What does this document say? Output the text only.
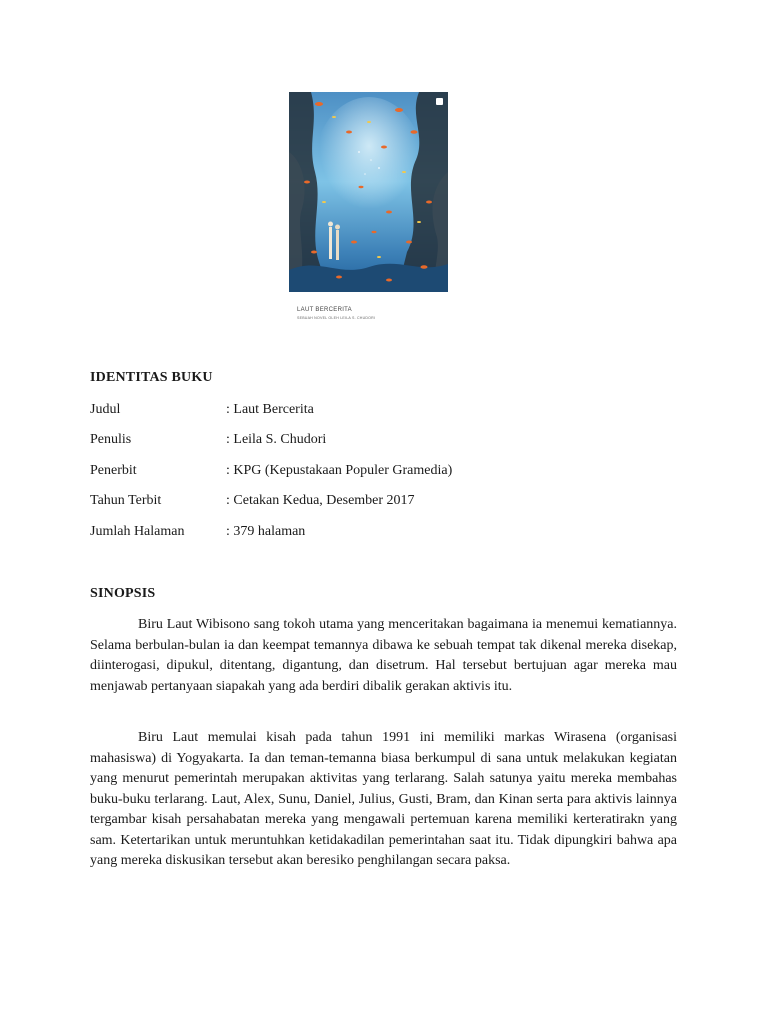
LAUT BERCERITA
SEBUAH NOVEL OLEH LEILA S. CHUDORI
IDENTITAS BUKU
Judul	: Laut Bercerita
Penulis	: Leila S. Chudori
Penerbit	: KPG (Kepustakaan Populer Gramedia)
Tahun Terbit	: Cetakan Kedua, Desember 2017
Jumlah Halaman	: 379 halaman
SINOPSIS

Biru Laut Wibisono sang tokoh utama yang menceritakan bagaimana ia menemui kematiannya. Selama berbulan-bulan ia dan keempat temannya dibawa ke sebuah tempat tak dikenal mereka disekap, diinterogasi, dipukul, ditentang, digantung, dan disetrum. Hal tersebut bertujuan agar mereka mau menjawab pertanyaan siapakah yang ada berdiri dibalik gerakan aktivis itu.

Biru Laut memulai kisah pada tahun 1991 ini memiliki markas Wirasena (organisasi mahasiswa) di Yogyakarta. Ia dan teman-temanna biasa berkumpul di sana untuk melakukan kegiatan yang menurut pemerintah merupakan aktivitas yang terlarang. Salah satunya yaitu mereka membahas buku-buku terlarang. Laut, Alex, Sunu, Daniel, Julius, Gusti, Bram, dan Kinan serta para aktivis lainnya tergambar kisah persahabatan mereka yang mengawali pertemuan karena memiliki kerteratirakn yang sam. Ketertarikan untuk meruntuhkan ketidakadilan pemerintahan saat itu. Tidak dipungkiri bahwa apa yang mereka diskusikan tersebut akan beresiko penghilangan secara paksa.
